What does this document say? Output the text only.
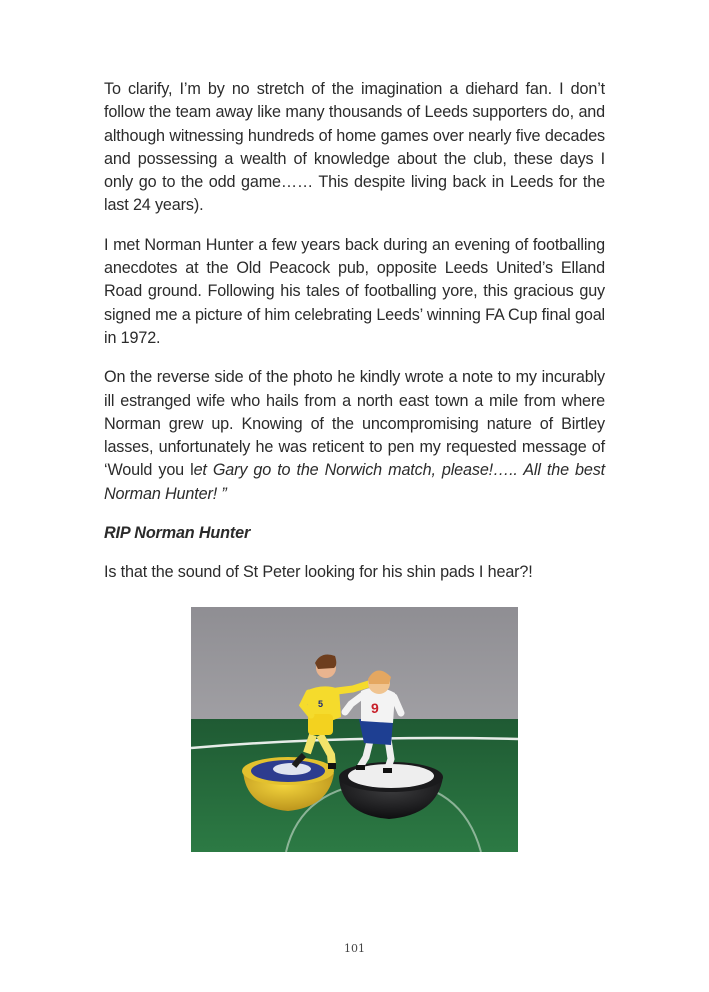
To clarify, I’m by no stretch of the imagination a diehard fan. I don’t follow the team away like many thousands of Leeds supporters do, and although witnessing hundreds of home games over nearly five decades and possessing a wealth of knowledge about the club, these days I only go to the odd game…… This despite living back in Leeds for the last 24 years).

I met Norman Hunter a few years back during an evening of footballing anecdotes at the Old Peacock pub, opposite Leeds United’s Elland Road ground. Following his tales of footballing yore, this gracious guy signed me a picture of him celebrating Leeds’ winning FA Cup final goal in 1972.

On the reverse side of the photo he kindly wrote a note to my incurably ill estranged wife who hails from a north east town a mile from where Norman grew up. Knowing of the uncompromising nature of Birtley lasses, unfortunately he was reticent to pen my requested message of ‘Would you let Gary go to the Norwich match, please!….. All the best Norman Hunter! ”

RIP Norman Hunter

Is that the sound of St Peter looking for his shin pads I hear?!

5	9
101
